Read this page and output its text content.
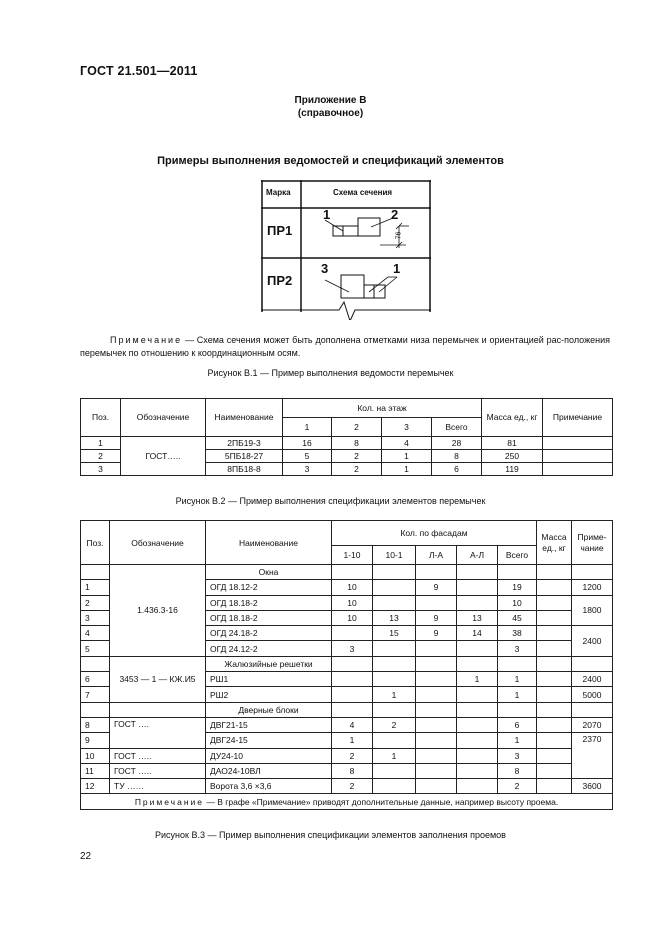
ГОСТ 21.501—2011
Приложение В
(справочное)
Примеры выполнения ведомостей и спецификаций элементов
Марка	Схема сечения
ПР1
ПР2
1	2
3	1
76
Примечание — Схема сечения может быть дополнена отметками низа перемычек и ориентацией рас-положения перемычек по отношению к координационным осям.
Рисунок В.1 — Пример выполнения ведомости перемычек
Поз.	Обозначение	Наименование	Кол. на этаж				Масса ед., кг	Примечание
			1	2	3	Всего		
1	ГОСТ…..	2ПБ19-3	16	8	4	28	81	
2		5ПБ18-27	5	2	1	8	250	
3		8ПБ18-8	3	2	1	6	119	
Рисунок В.2 — Пример выполнения спецификации элементов перемычек
Поз.	Обозначение	Наименование	Кол. по фасадам					Масса ед., кг	Приме-чание
			1-10	10-1	Л-А	А-Л	Всего		
	1.436.3-16	Окна							
1		ОГД 18.12-2	10		9		19		1200
2		ОГД 18.18-2	10				10		1800
3		ОГД 18.18-2	10	13	9	13	45		
4		ОГД 24.18-2		15	9	14	38		2400
5		ОГД 24.12-2	3				3		
	3453 — 1 — КЖ.И5	Жалюзийные решетки							
6		РШ1				1	1		2400
7		РШ2		1			1		5000
		Дверные блоки							
8	ГОСТ ….	ДВГ21-15	4	2			6		2070
9		ДВГ24-15	1				1		2370
10	ГОСТ …..	ДУ24-10	2	1			3		
11	ГОСТ …..	ДАО24-10ВЛ	8				8		
12	ТУ ……	Ворота 3,6 ×3,6	2				2		3600
Примечание — В графе «Примечание» приводят дополнительные данные, например высоту проема.									
Рисунок В.3 — Пример выполнения спецификации элементов заполнения проемов
22
